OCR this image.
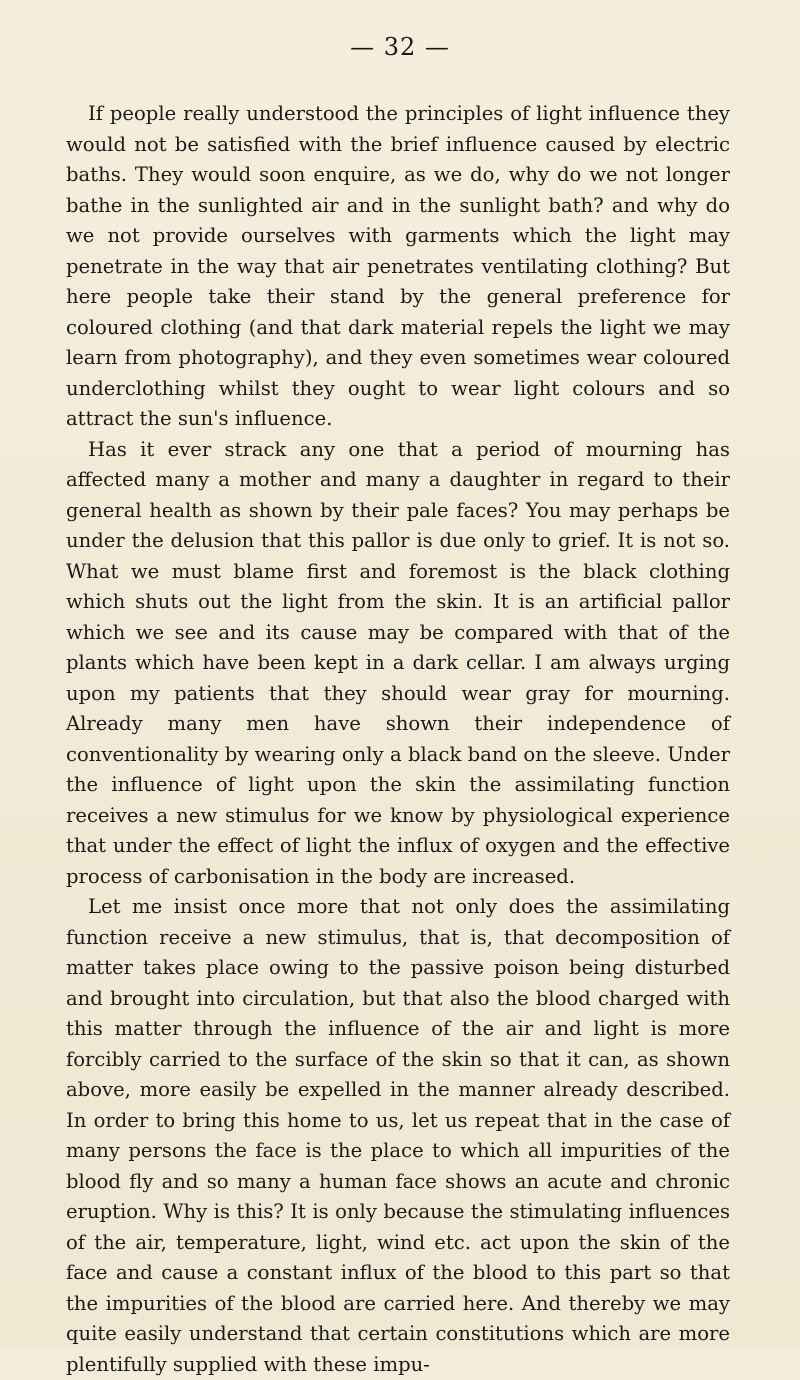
— 32 —

If people really understood the principles of light influence they would not be satisfied with the brief influence caused by electric baths. They would soon enquire, as we do, why do we not longer bathe in the sunlighted air and in the sunlight bath? and why do we not provide ourselves with garments which the light may penetrate in the way that air penetrates ventilating clothing? But here people take their stand by the general preference for coloured clothing (and that dark material repels the light we may learn from photography), and they even sometimes wear coloured underclothing whilst they ought to wear light colours and so attract the sun's influence.

Has it ever strack any one that a period of mourning has affected many a mother and many a daughter in regard to their general health as shown by their pale faces? You may perhaps be under the delusion that this pallor is due only to grief. It is not so. What we must blame first and foremost is the black clothing which shuts out the light from the skin. It is an artificial pallor which we see and its cause may be compared with that of the plants which have been kept in a dark cellar. I am always urging upon my patients that they should wear gray for mourning. Already many men have shown their independence of conventionality by wearing only a black band on the sleeve. Under the influence of light upon the skin the assimilating function receives a new stimulus for we know by physiological experience that under the effect of light the influx of oxygen and the effective process of carbonisation in the body are increased.

Let me insist once more that not only does the assimilating function receive a new stimulus, that is, that decomposition of matter takes place owing to the passive poison being disturbed and brought into circulation, but that also the blood charged with this matter through the influence of the air and light is more forcibly carried to the surface of the skin so that it can, as shown above, more easily be expelled in the manner already described. In order to bring this home to us, let us repeat that in the case of many persons the face is the place to which all impurities of the blood fly and so many a human face shows an acute and chronic eruption. Why is this? It is only because the stimulating influences of the air, temperature, light, wind etc. act upon the skin of the face and cause a constant influx of the blood to this part so that the impurities of the blood are carried here. And thereby we may quite easily understand that certain constitutions which are more plentifully supplied with these impu-
